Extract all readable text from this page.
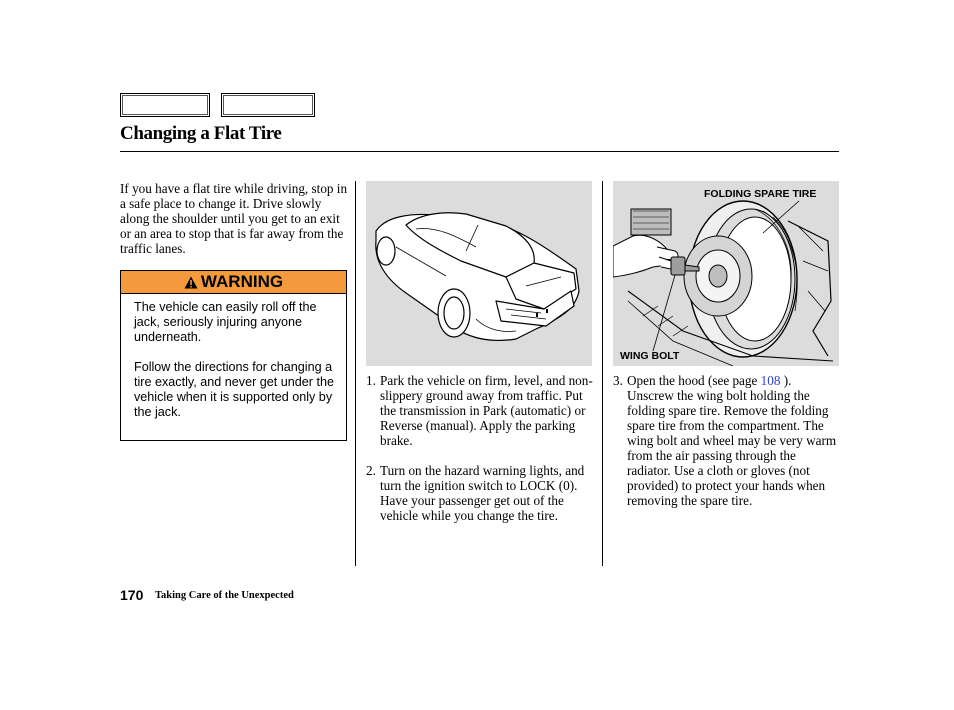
Changing a Flat Tire
If you have a flat tire while driving, stop in a safe place to change it. Drive slowly along the shoulder until you get to an exit or an area to stop that is far away from the traffic lanes.
WARNING

The vehicle can easily roll off the jack, seriously injuring anyone underneath.

Follow the directions for changing a tire exactly, and never get under the vehicle when it is supported only by the jack.

1. Park the vehicle on firm, level, and non-slippery ground away from traffic. Put the transmission in Park (automatic) or Reverse (manual). Apply the parking brake.
2. Turn on the hazard warning lights, and turn the ignition switch to LOCK (0). Have your passenger get out of the vehicle while you change the tire.
FOLDING SPARE TIRE
WING BOLT
3. Open the hood (see page 108 ). Unscrew the wing bolt holding the folding spare tire. Remove the folding spare tire from the compartment. The wing bolt and wheel may be very warm from the air passing through the radiator. Use a cloth or gloves (not provided) to protect your hands when removing the spare tire.
170 Taking Care of the Unexpected
